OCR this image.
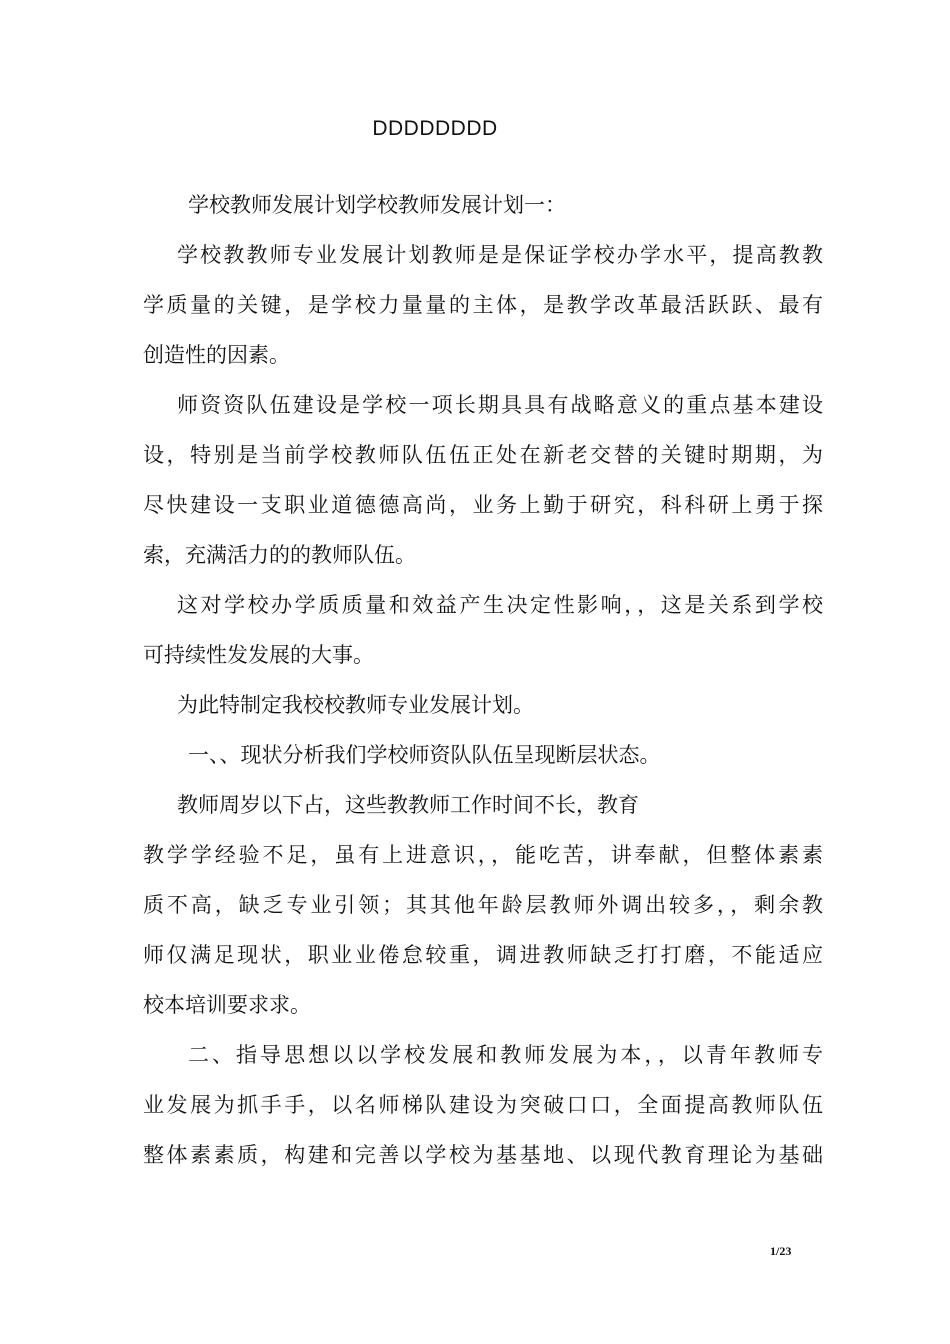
DDDDDDDD
学校教师发展计划学校教师发展计划一：
学校教教师专业发展计划教师是是保证学校办学水平，提高教教
学质量的关键，是学校力量量的主体，是教学改革最活跃跃、最有
创造性的因素。
师资资队伍建设是学校一项长期具具有战略意义的重点基本建设
设，特别是当前学校教师队伍伍正处在新老交替的关键时期期，为
尽快建设一支职业道德德高尚，业务上勤于研究，科科研上勇于探
索，充满活力的的教师队伍。
这对学校办学质质量和效益产生决定性影响，，这是关系到学校
可持续性发发展的大事。
为此特制定我校校教师专业发展计划。
一、、现状分析我们学校师资队队伍呈现断层状态。
教师周岁以下占，这些教教师工作时间不长，教育
教学学经验不足，虽有上进意识，，能吃苦，讲奉献，但整体素素
质不高，缺乏专业引领；其其他年龄层教师外调出较多，，剩余教
师仅满足现状，职业业倦怠较重，调进教师缺乏打打磨，不能适应
校本培训要求求。
二、指导思想以以学校发展和教师发展为本，，以青年教师专
业发展为抓手手，以名师梯队建设为突破口口，全面提高教师队伍
整体素素质，构建和完善以学校为基基地、以现代教育理论为基础
1/23
